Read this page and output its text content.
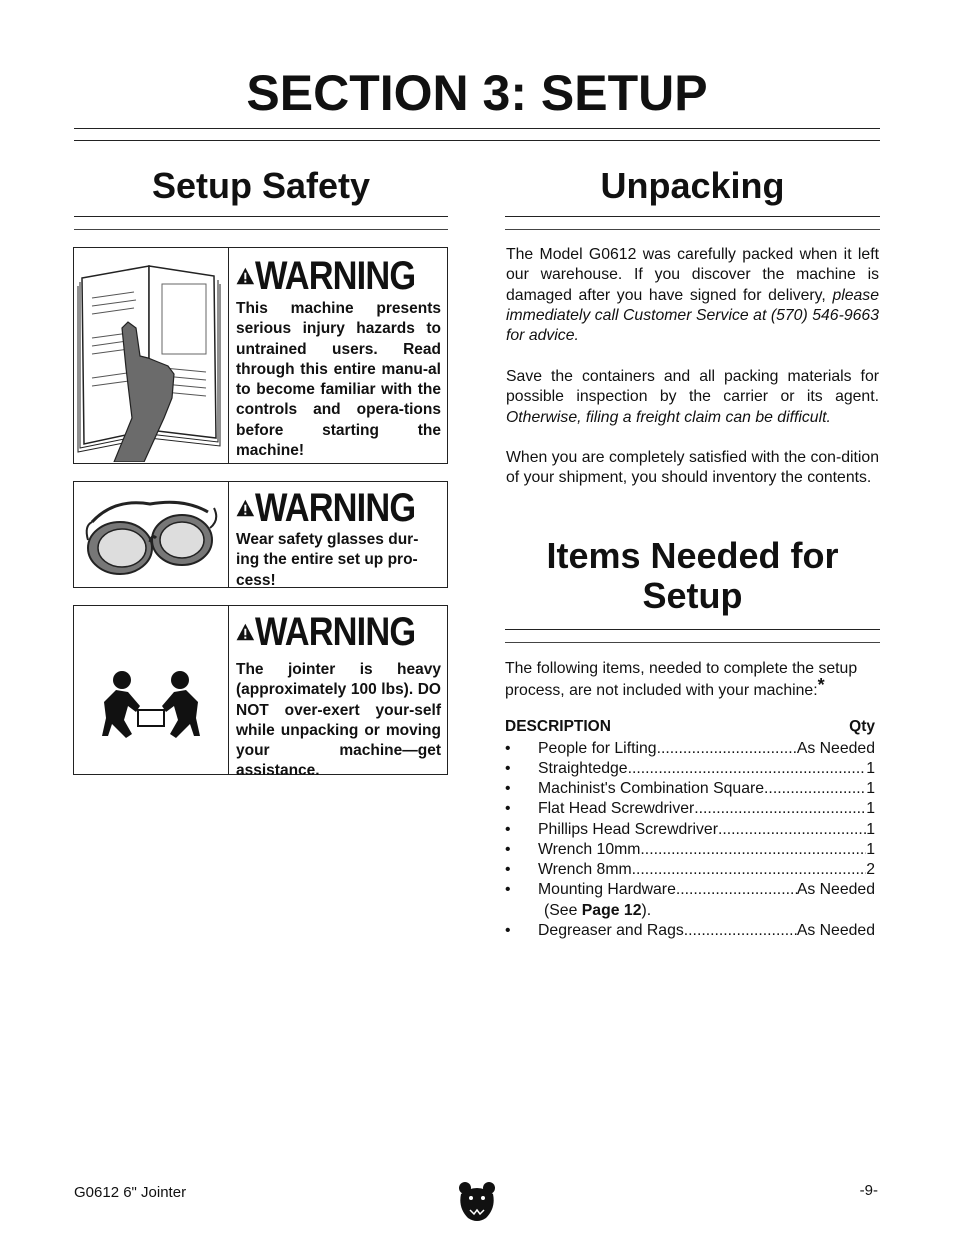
SECTION 3: SETUP
Setup Safety
WARNING
This machine presents serious injury hazards to untrained users. Read through this entire manu-al to become familiar with the controls and opera-tions before starting the machine!
WARNING
Wear safety glasses dur-ing the entire set up pro-cess!
WARNING
The jointer is heavy (approximately 100 lbs). DO NOT over-exert your-self while unpacking or moving your machine—get assistance.
Unpacking
The Model G0612 was carefully packed when it left our warehouse. If you discover the machine is damaged after you have signed for delivery, please immediately call Customer Service at (570) 546-9663 for advice.
Save the containers and all packing materials for possible inspection by the carrier or its agent. Otherwise, filing a freight claim can be difficult.
When you are completely satisfied with the con-dition of your shipment, you should inventory the contents.
Items Needed for
Setup
The following items, needed to complete the setup process, are not included with your machine:*
DESCRIPTION	Qty
• People for Lifting .....	As Needed
• Straightedge .....	1
• Machinist's Combination Square .....	1
• Flat Head Screwdriver .....	1
• Phillips Head Screwdriver .....	1
• Wrench 10mm .....	1
• Wrench 8mm .....	2
• Mounting Hardware .....	As Needed
• Degreaser and Rags .....	As Needed
(See
Page 12 ).
G0612 6" Jointer	-9-
